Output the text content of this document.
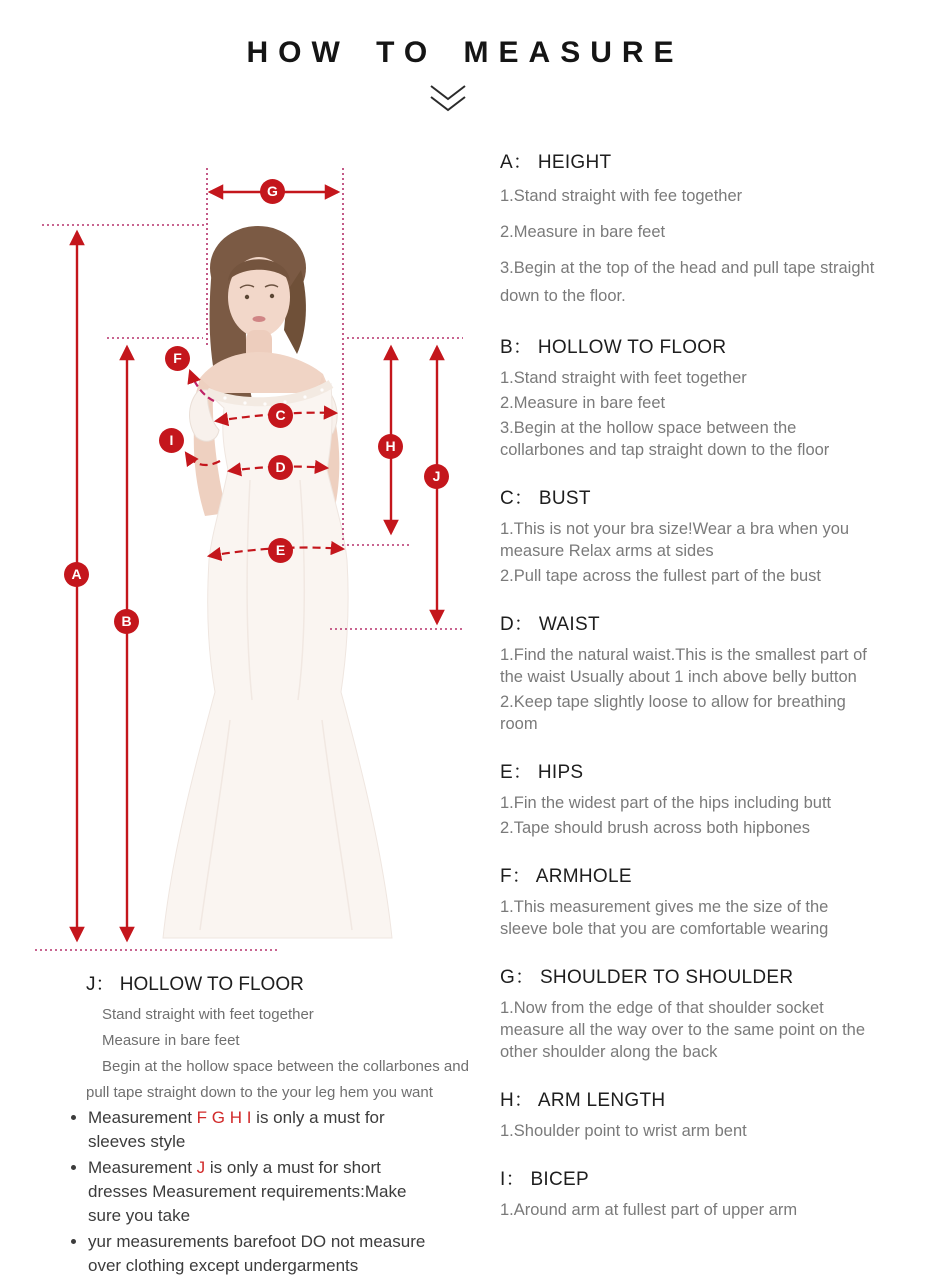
HOW TO MEASURE
G
A
B
F
C
I
D
H
J
E
A： HEIGHT

1.Stand straight with fee together

2.Measure in bare feet

3.Begin at the top of the head and pull tape straight down to the floor.

B： HOLLOW TO FLOOR

1.Stand straight with feet together

2.Measure in bare feet

3.Begin at the hollow space between the collarbones and tap straight down to the floor

C： BUST

1.This is not your bra size!Wear a bra when you measure Relax arms at sides

2.Pull tape across the fullest part of the bust

D： WAIST

1.Find the natural waist.This is the smallest part of the waist Usually about 1 inch above belly button

2.Keep tape slightly loose to allow for breathing room

E： HIPS

1.Fin the widest part of the hips including butt

2.Tape should brush across both hipbones

F： ARMHOLE

1.This measurement gives me the size of the sleeve bole that you are comfortable wearing

G： SHOULDER TO SHOULDER

1.Now from the edge of that shoulder socket measure all the way over to the same point on the other shoulder along the back

H： ARM LENGTH

1.Shoulder point to wrist arm bent

I： BICEP

1.Around arm at fullest part of upper arm

J： HOLLOW TO FLOOR

Stand straight with feet together

Measure in bare feet

Begin at the hollow space between the collarbones and pull tape straight down to the your leg hem you want

• Measurement F G H I is only a must for sleeves style
• Measurement J is only a must for short dresses Measurement requirements:Make sure you take
• yur measurements barefoot DO not measure over clothing except undergarments
